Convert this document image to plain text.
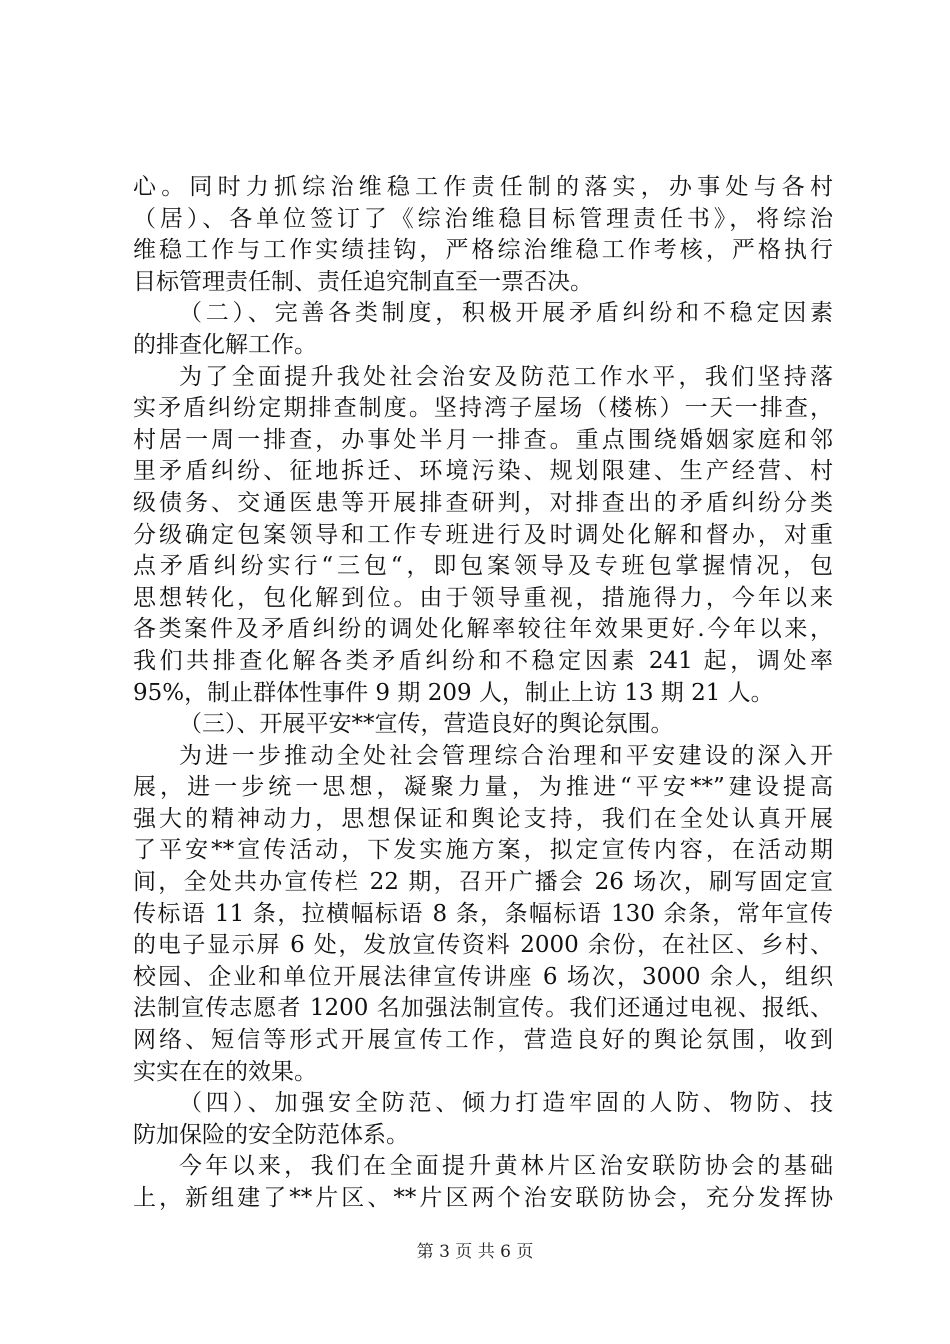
心。同时力抓综治维稳工作责任制的落实，办事处与各村
（居）、各单位签订了《综治维稳目标管理责任书》，将综治
维稳工作与工作实绩挂钩，严格综治维稳工作考核，严格执行
目标管理责任制、责任追究制直至一票否决。
（二）、完善各类制度，积极开展矛盾纠纷和不稳定因素
的排查化解工作。
为了全面提升我处社会治安及防范工作水平，我们坚持落
实矛盾纠纷定期排查制度。坚持湾子屋场（楼栋）一天一排查，
村居一周一排查，办事处半月一排查。重点围绕婚姻家庭和邻
里矛盾纠纷、征地拆迁、环境污染、规划限建、生产经营、村
级债务、交通医患等开展排查研判，对排查出的矛盾纠纷分类
分级确定包案领导和工作专班进行及时调处化解和督办，对重
点矛盾纠纷实行“三包“，即包案领导及专班包掌握情况，包
思想转化，包化解到位。由于领导重视，措施得力，今年以来
各类案件及矛盾纠纷的调处化解率较往年效果更好.今年以来，
我们共排查化解各类矛盾纠纷和不稳定因素 241 起，调处率
95%，制止群体性事件 9 期 209 人，制止上访 13 期 21 人。
（三）、开展平安**宣传，营造良好的舆论氛围。
为进一步推动全处社会管理综合治理和平安建设的深入开
展，进一步统一思想，凝聚力量，为推进“平安**”建设提高
强大的精神动力，思想保证和舆论支持，我们在全处认真开展
了平安**宣传活动，下发实施方案，拟定宣传内容，在活动期
间，全处共办宣传栏 22 期，召开广播会 26 场次，刷写固定宣
传标语 11 条，拉横幅标语 8 条，条幅标语 130 余条，常年宣传
的电子显示屏 6 处，发放宣传资料 2000 余份，在社区、乡村、
校园、企业和单位开展法律宣传讲座 6 场次，3000 余人，组织
法制宣传志愿者 1200 名加强法制宣传。我们还通过电视、报纸、
网络、短信等形式开展宣传工作，营造良好的舆论氛围，收到
实实在在的效果。
（四）、加强安全防范、倾力打造牢固的人防、物防、技
防加保险的安全防范体系。
今年以来，我们在全面提升黄林片区治安联防协会的基础
上，新组建了**片区、**片区两个治安联防协会，充分发挥协
第 3 页 共 6 页
